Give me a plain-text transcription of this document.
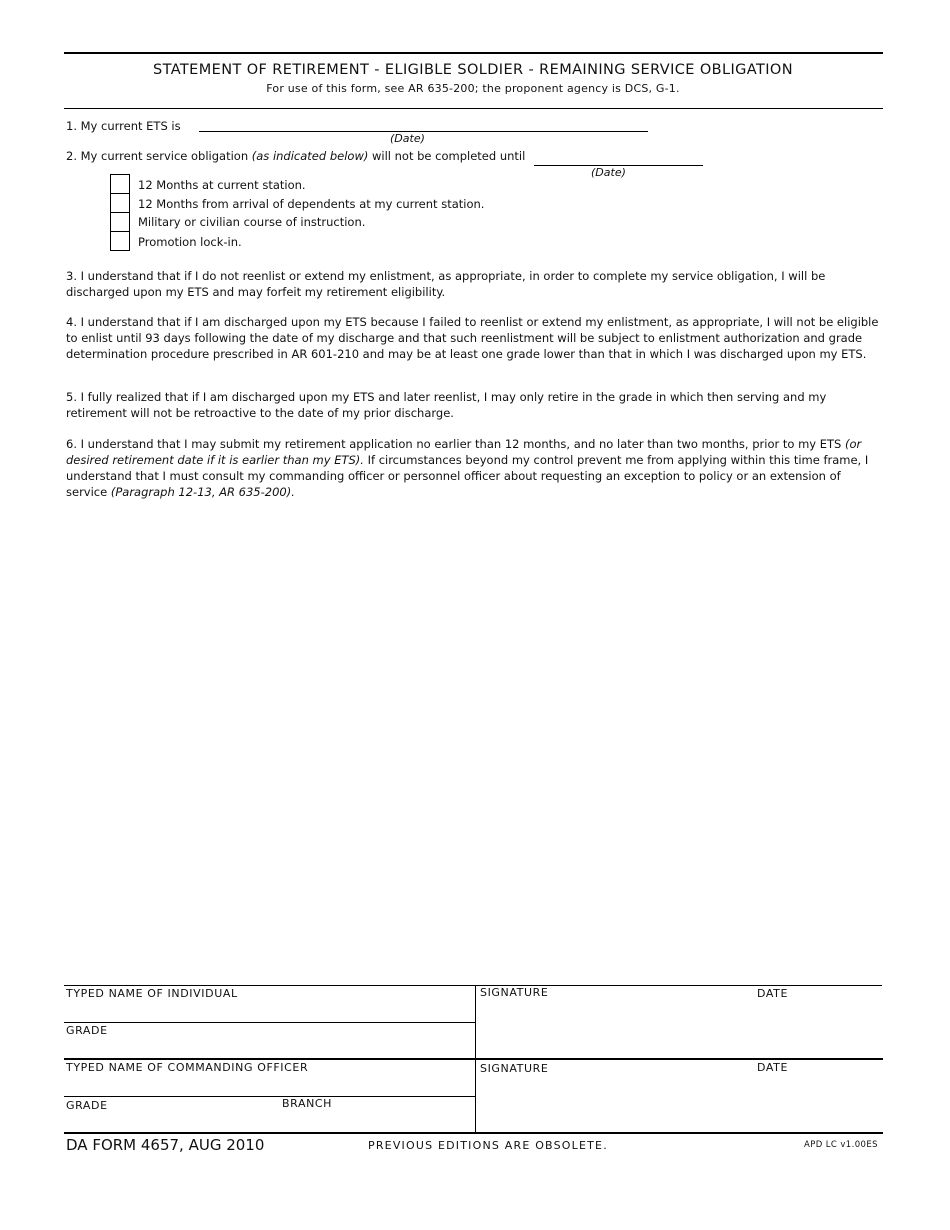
STATEMENT OF RETIREMENT - ELIGIBLE SOLDIER - REMAINING SERVICE OBLIGATION
For use of this form, see AR 635-200; the proponent agency is DCS, G-1.
1. My current ETS is
(Date)
2. My current service obligation (as indicated below) will not be completed until
(Date)
12 Months at current station.
12 Months from arrival of dependents at my current station.
Military or civilian course of instruction.
Promotion lock-in.
3. I understand that if I do not reenlist or extend my enlistment, as appropriate, in order to complete my service obligation, I will be discharged upon my ETS and may forfeit my retirement eligibility.
4. I understand that if I am discharged upon my ETS because I failed to reenlist or extend my enlistment, as appropriate, I will not be eligible to enlist until 93 days following the date of my discharge and that such reenlistment will be subject to enlistment authorization and grade determination procedure prescribed in AR 601-210 and may be at least one grade lower than that in which I was discharged upon my ETS.
5. I fully realized that if I am discharged upon my ETS and later reenlist, I may only retire in the grade in which then serving and my retirement will not be retroactive to the date of my prior discharge.
6. I understand that I may submit my retirement application no earlier than 12 months, and no later than two months, prior to my ETS (or desired retirement date if it is earlier than my ETS). If circumstances beyond my control prevent me from applying within this time frame, I understand that I must consult my commanding officer or personnel officer about requesting an exception to policy or an extension of service (Paragraph 12-13, AR 635-200).
TYPED NAME OF INDIVIDUAL	SIGNATURE	DATE
GRADE
TYPED NAME OF COMMANDING OFFICER	SIGNATURE	DATE
GRADE	BRANCH
DA FORM 4657, AUG 2010	PREVIOUS EDITIONS ARE OBSOLETE.	APD LC v1.00ES
